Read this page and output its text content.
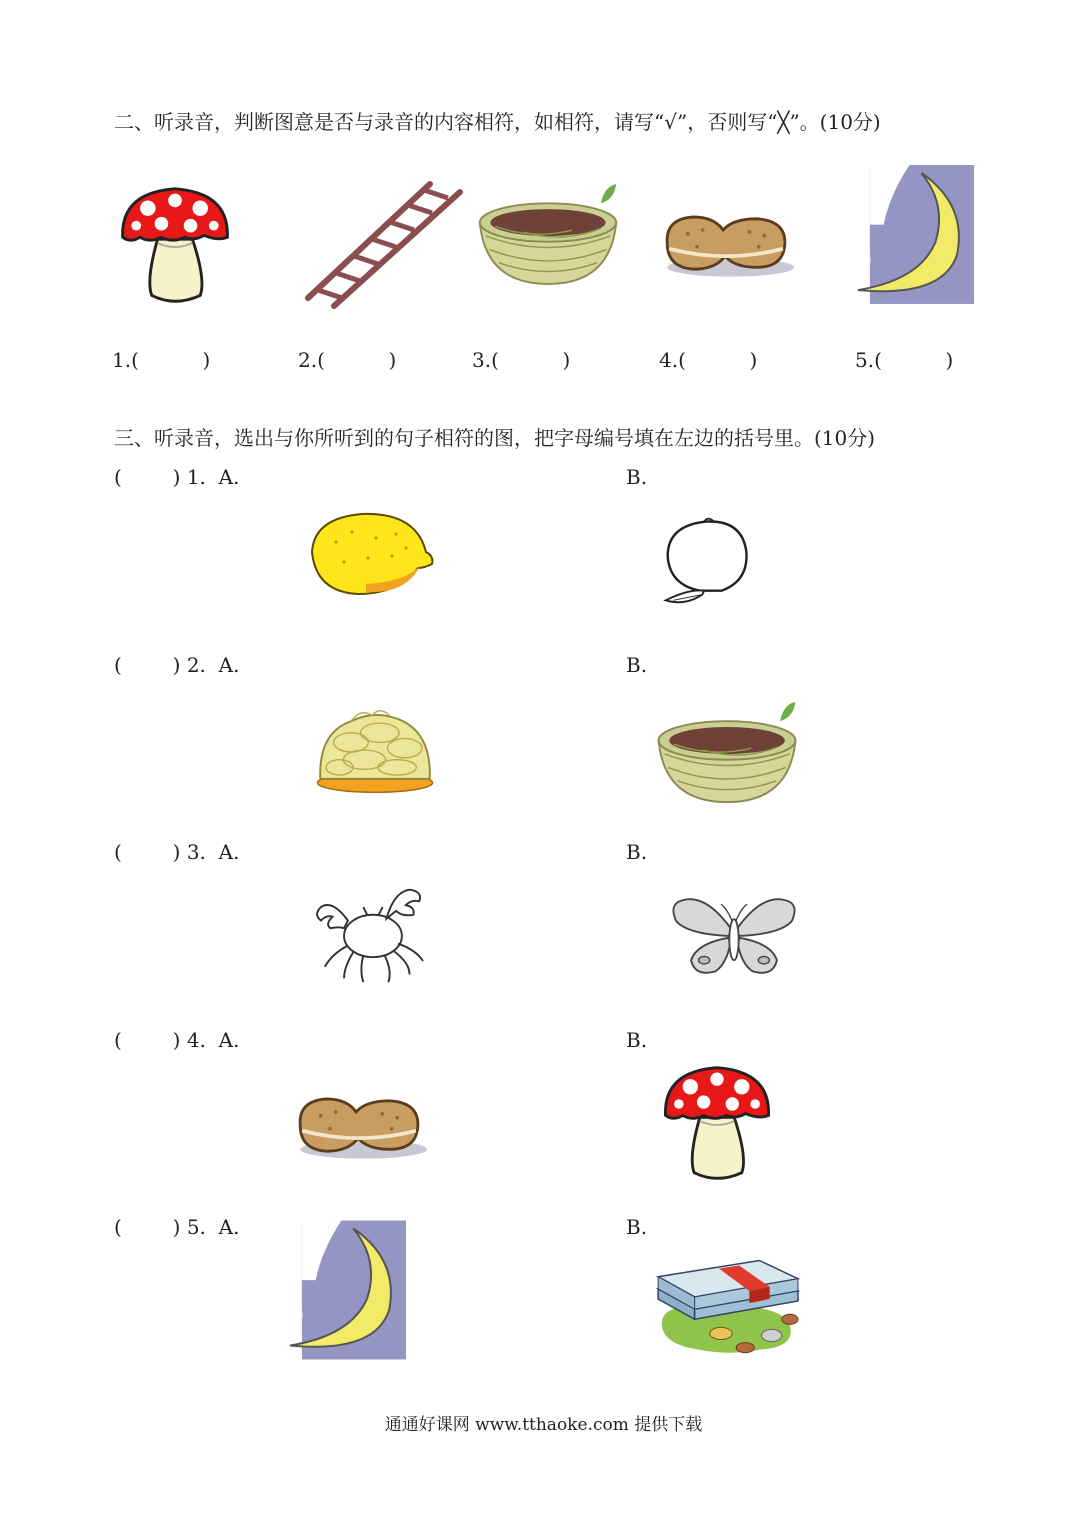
二、听录音，判断图意是否与录音的内容相符，如相符，请写“√”，否则写“╳”。(10分)
1.(          )	2.(          )	3.(          )	4.(          )	5.(          )
三、听录音，选出与你所听到的句子相符的图，把字母编号填在左边的括号里。(10分)
(        ) 1.  A.	B.
(        ) 2.  A.	B.
(        ) 3.  A.	B.
(        ) 4.  A.	B.
(        ) 5.  A.	B.
通通好课网 www.tthaoke.com 提供下载
